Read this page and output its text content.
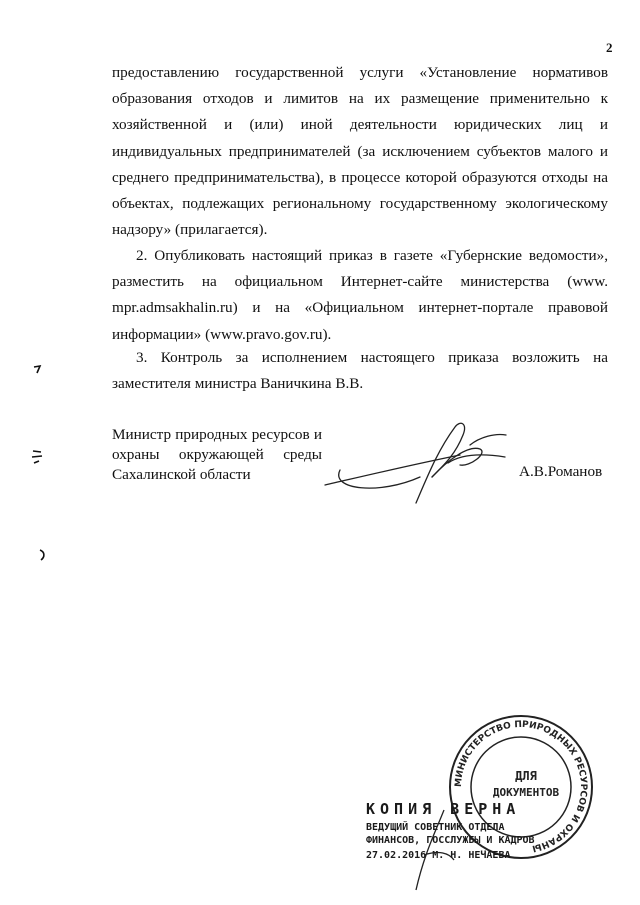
2

предоставлению государственной услуги «Установление нормативов образования отходов и лимитов на их размещение применительно к хозяйственной и (или) иной деятельности юридических лиц и индивидуальных предпринимателей (за исключением субъектов малого и среднего предпринимательства), в процессе которой образуются отходы на объектах, подлежащих региональному государственному экологическому надзору» (прилагается).

2. Опубликовать настоящий приказ в газете «Губернские ведомости», разместить на официальном Интернет-сайте министерства (www. mpr.admsakhalin.ru) и на «Официальном интернет-портале правовой информации» (www.pravo.gov.ru).

3. Контроль за исполнением настоящего приказа возложить на заместителя министра Ваничкина В.В.

Министр природных ресурсов и
охраны окружающей среды
Сахалинской области	А.В.Романов
МИНИСТЕРСТВО ПРИРОДНЫХ РЕСУРСОВ И ОХРАНЫ
ДЛЯ
ДОКУМЕНТОВ
КОПИЯ ВЕРНА
ВЕДУЩИЙ СОВЕТНИК ОТДЕЛА
ФИНАНСОВ, ГОССЛУЖБЫ И КАДРОВ
27.02.2016 М. Н. НЕЧАЕВА
